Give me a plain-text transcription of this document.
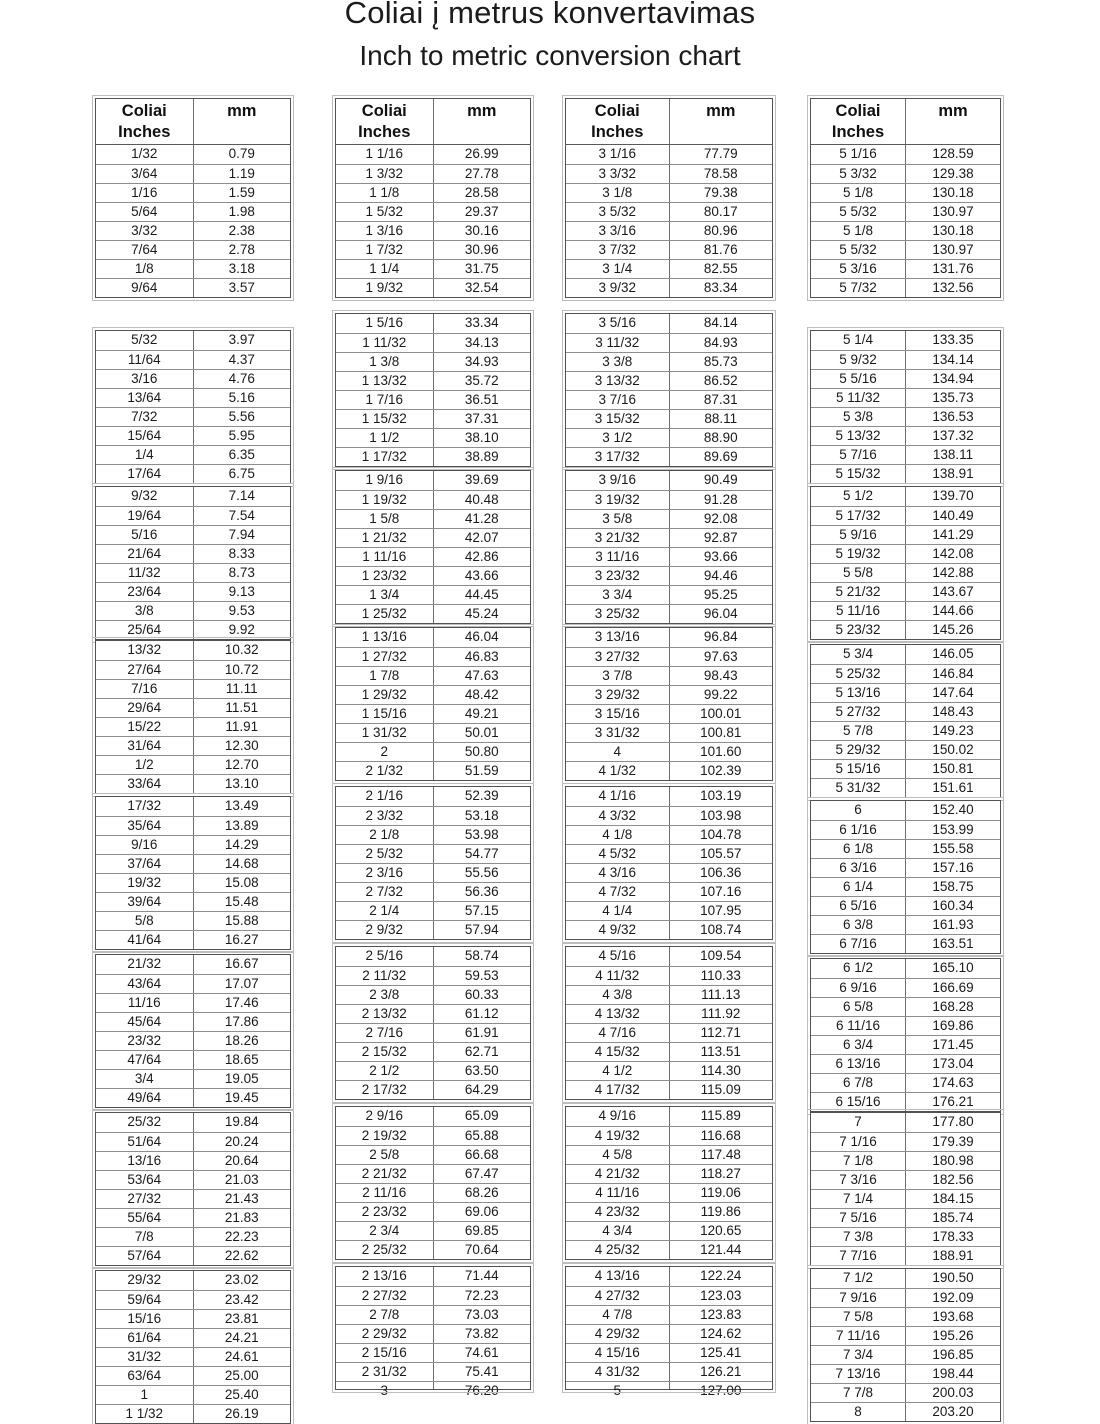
Coliai į metrus konvertavimas
Inch to metric conversion chart
Coliai
Inches
mm
1/32	0.79
3/64	1.19
1/16	1.59
5/64	1.98
3/32	2.38
7/64	2.78
1/8	3.18
9/64	3.57
5/32	3.97
11/64	4.37
3/16	4.76
13/64	5.16
7/32	5.56
15/64	5.95
1/4	6.35
17/64	6.75
9/32	7.14
19/64	7.54
5/16	7.94
21/64	8.33
11/32	8.73
23/64	9.13
3/8	9.53
25/64	9.92
13/32	10.32
27/64	10.72
7/16	11.11
29/64	11.51
15/22	11.91
31/64	12.30
1/2	12.70
33/64	13.10
17/32	13.49
35/64	13.89
9/16	14.29
37/64	14.68
19/32	15.08
39/64	15.48
5/8	15.88
41/64	16.27
21/32	16.67
43/64	17.07
11/16	17.46
45/64	17.86
23/32	18.26
47/64	18.65
3/4	19.05
49/64	19.45
25/32	19.84
51/64	20.24
13/16	20.64
53/64	21.03
27/32	21.43
55/64	21.83
7/8	22.23
57/64	22.62
29/32	23.02
59/64	23.42
15/16	23.81
61/64	24.21
31/32	24.61
63/64	25.00
1	25.40
1 1/32	26.19
Coliai
Inches
mm
1 1/16	26.99
1 3/32	27.78
1 1/8	28.58
1 5/32	29.37
1 3/16	30.16
1 7/32	30.96
1 1/4	31.75
1 9/32	32.54
1 5/16	33.34
1 11/32	34.13
1 3/8	34.93
1 13/32	35.72
1 7/16	36.51
1 15/32	37.31
1 1/2	38.10
1 17/32	38.89
1 9/16	39.69
1 19/32	40.48
1 5/8	41.28
1 21/32	42.07
1 11/16	42.86
1 23/32	43.66
1 3/4	44.45
1 25/32	45.24
1 13/16	46.04
1 27/32	46.83
1 7/8	47.63
1 29/32	48.42
1 15/16	49.21
1 31/32	50.01
2	50.80
2 1/32	51.59
2 1/16	52.39
2 3/32	53.18
2 1/8	53.98
2 5/32	54.77
2 3/16	55.56
2 7/32	56.36
2 1/4	57.15
2 9/32	57.94
2 5/16	58.74
2 11/32	59.53
2 3/8	60.33
2 13/32	61.12
2 7/16	61.91
2 15/32	62.71
2 1/2	63.50
2 17/32	64.29
2 9/16	65.09
2 19/32	65.88
2 5/8	66.68
2 21/32	67.47
2 11/16	68.26
2 23/32	69.06
2 3/4	69.85
2 25/32	70.64
2 13/16	71.44
2 27/32	72.23
2 7/8	73.03
2 29/32	73.82
2 15/16	74.61
2 31/32	75.41
3	76.20
Coliai
Inches
mm
3 1/16	77.79
3 3/32	78.58
3 1/8	79.38
3 5/32	80.17
3 3/16	80.96
3 7/32	81.76
3 1/4	82.55
3 9/32	83.34
3 5/16	84.14
3 11/32	84.93
3 3/8	85.73
3 13/32	86.52
3 7/16	87.31
3 15/32	88.11
3 1/2	88.90
3 17/32	89.69
3 9/16	90.49
3 19/32	91.28
3 5/8	92.08
3 21/32	92.87
3 11/16	93.66
3 23/32	94.46
3 3/4	95.25
3 25/32	96.04
3 13/16	96.84
3 27/32	97.63
3 7/8	98.43
3 29/32	99.22
3 15/16	100.01
3 31/32	100.81
4	101.60
4 1/32	102.39
4 1/16	103.19
4 3/32	103.98
4 1/8	104.78
4 5/32	105.57
4 3/16	106.36
4 7/32	107.16
4 1/4	107.95
4 9/32	108.74
4 5/16	109.54
4 11/32	110.33
4 3/8	111.13
4 13/32	111.92
4 7/16	112.71
4 15/32	113.51
4 1/2	114.30
4 17/32	115.09
4 9/16	115.89
4 19/32	116.68
4 5/8	117.48
4 21/32	118.27
4 11/16	119.06
4 23/32	119.86
4 3/4	120.65
4 25/32	121.44
4 13/16	122.24
4 27/32	123.03
4 7/8	123.83
4 29/32	124.62
4 15/16	125.41
4 31/32	126.21
5	127.00
Coliai
Inches
mm
5 1/16	128.59
5 3/32	129.38
5 1/8	130.18
5 5/32	130.97
5 1/8	130.18
5 5/32	130.97
5 3/16	131.76
5 7/32	132.56
5 1/4	133.35
5 9/32	134.14
5 5/16	134.94
5 11/32	135.73
5 3/8	136.53
5 13/32	137.32
5 7/16	138.11
5 15/32	138.91
5 1/2	139.70
5 17/32	140.49
5 9/16	141.29
5 19/32	142.08
5 5/8	142.88
5 21/32	143.67
5 11/16	144.66
5 23/32	145.26
5 3/4	146.05
5 25/32	146.84
5 13/16	147.64
5 27/32	148.43
5 7/8	149.23
5 29/32	150.02
5 15/16	150.81
5 31/32	151.61
6	152.40
6 1/16	153.99
6 1/8	155.58
6 3/16	157.16
6 1/4	158.75
6 5/16	160.34
6 3/8	161.93
6 7/16	163.51
6 1/2	165.10
6 9/16	166.69
6 5/8	168.28
6 11/16	169.86
6 3/4	171.45
6 13/16	173.04
6 7/8	174.63
6 15/16	176.21
7	177.80
7 1/16	179.39
7 1/8	180.98
7 3/16	182.56
7 1/4	184.15
7 5/16	185.74
7 3/8	178.33
7 7/16	188.91
7 1/2	190.50
7 9/16	192.09
7 5/8	193.68
7 11/16	195.26
7 3/4	196.85
7 13/16	198.44
7 7/8	200.03
8	203.20
